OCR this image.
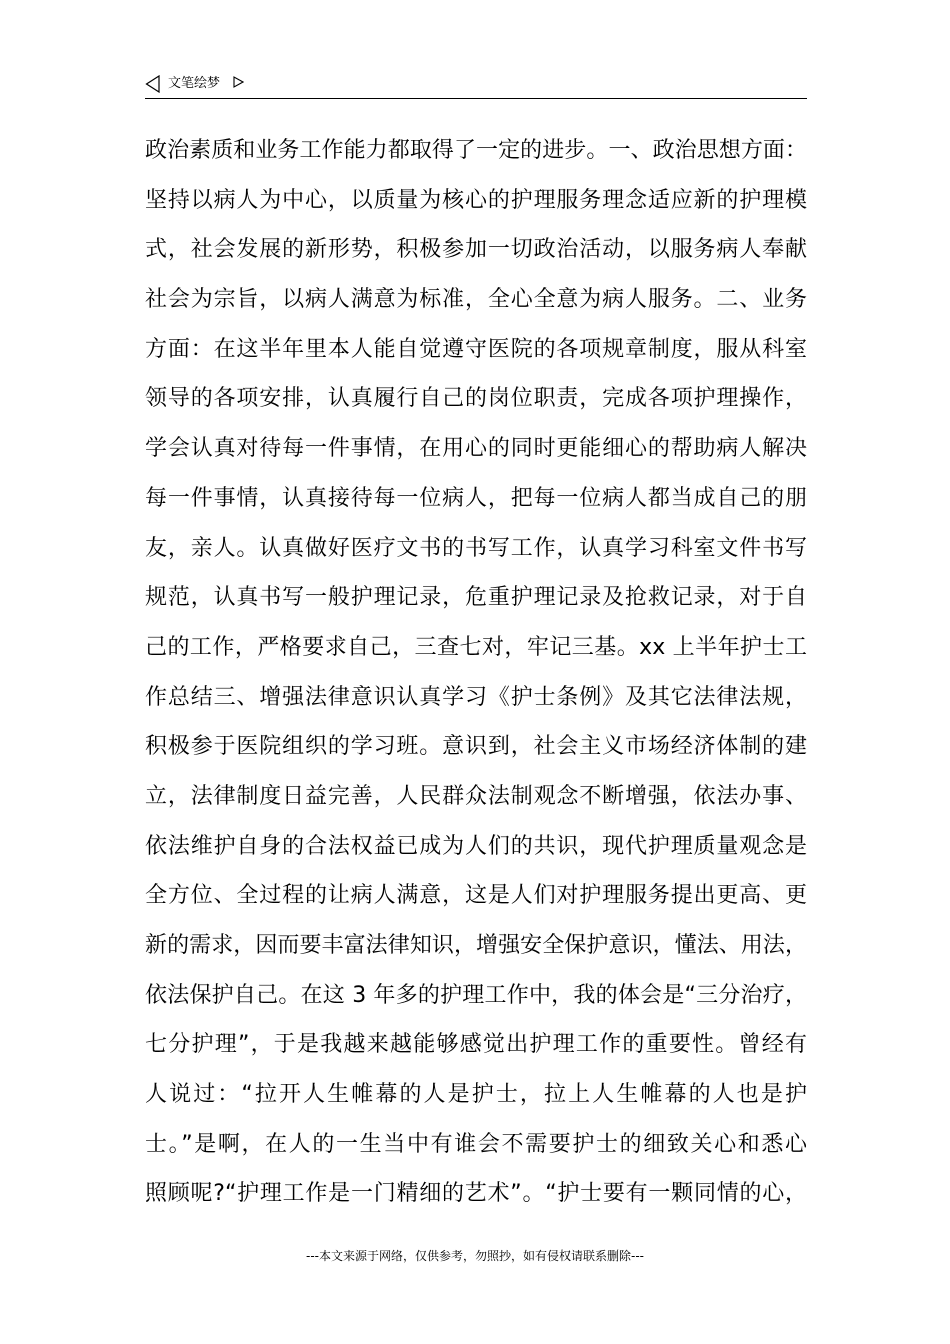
文笔绘梦
政治素质和业务工作能力都取得了一定的进步。一、政治思想方面：
坚持以病人为中心，以质量为核心的护理服务理念适应新的护理模
式，社会发展的新形势，积极参加一切政治活动，以服务病人奉献
社会为宗旨，以病人满意为标准，全心全意为病人服务。二、业务
方面：在这半年里本人能自觉遵守医院的各项规章制度，服从科室
领导的各项安排，认真履行自己的岗位职责，完成各项护理操作，
学会认真对待每一件事情，在用心的同时更能细心的帮助病人解决
每一件事情，认真接待每一位病人，把每一位病人都当成自己的朋
友，亲人。认真做好医疗文书的书写工作，认真学习科室文件书写
规范，认真书写一般护理记录，危重护理记录及抢救记录，对于自
己的工作，严格要求自己，三查七对，牢记三基。xx 上半年护士工
作总结三、增强法律意识认真学习《护士条例》及其它法律法规，
积极参于医院组织的学习班。意识到，社会主义市场经济体制的建
立，法律制度日益完善，人民群众法制观念不断增强，依法办事、
依法维护自身的合法权益已成为人们的共识，现代护理质量观念是
全方位、全过程的让病人满意，这是人们对护理服务提出更高、更
新的需求，因而要丰富法律知识，增强安全保护意识，懂法、用法，
依法保护自己。在这 3 年多的护理工作中，我的体会是“三分治疗，
七分护理”，于是我越来越能够感觉出护理工作的重要性。曾经有
人说过：“拉开人生帷幕的人是护士，拉上人生帷幕的人也是护
士。”是啊，在人的一生当中有谁会不需要护士的细致关心和悉心
照顾呢?“护理工作是一门精细的艺术”。“护士要有一颗同情的心，
---本文来源于网络，仅供参考，勿照抄，如有侵权请联系删除---
